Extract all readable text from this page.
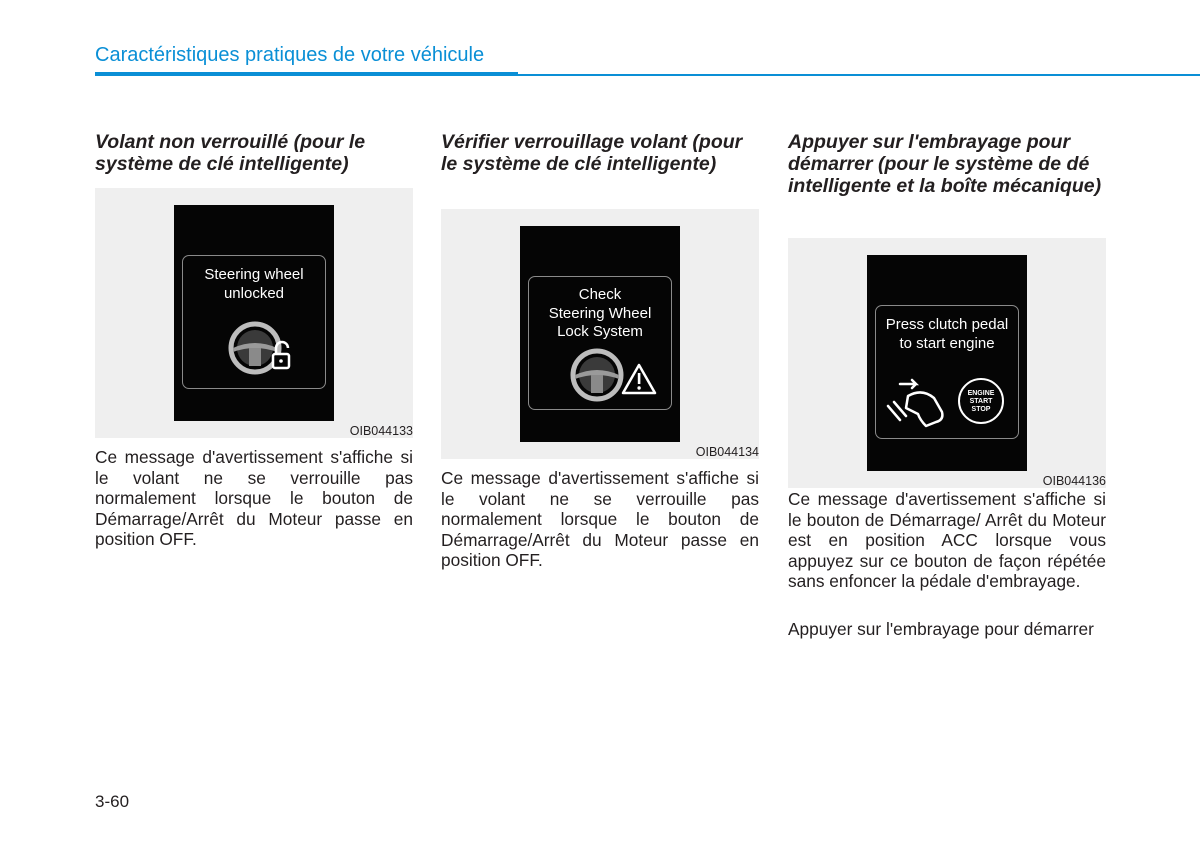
Caractéristiques pratiques de votre véhicule
Volant non verrouillé (pour le système de clé intelligente)
Steering wheel
unlocked
OIB044133

Ce message d'avertissement s'affiche si le volant ne se verrouille pas normalement lorsque le bouton de Démarrage/Arrêt du Moteur passe en position OFF.

Vérifier verrouillage volant (pour le système de clé intelligente)
Check
Steering Wheel
Lock System
OIB044134

Ce message d'avertissement s'affiche si le volant ne se verrouille pas normalement lorsque le bouton de Démarrage/Arrêt du Moteur passe en position OFF.

Appuyer sur l'embrayage pour démarrer (pour le système de dé intelligente et la boîte mécanique)
Press clutch pedal
to start engine
ENGINE
START
STOP
OIB044136

Ce message d'avertissement s'affiche si le bouton de Démarrage/ Arrêt du Moteur est en position ACC lorsque vous appuyez sur ce bouton de façon répétée sans enfoncer la pédale d'embrayage.

Appuyer sur l'embrayage pour démarrer

3-60
